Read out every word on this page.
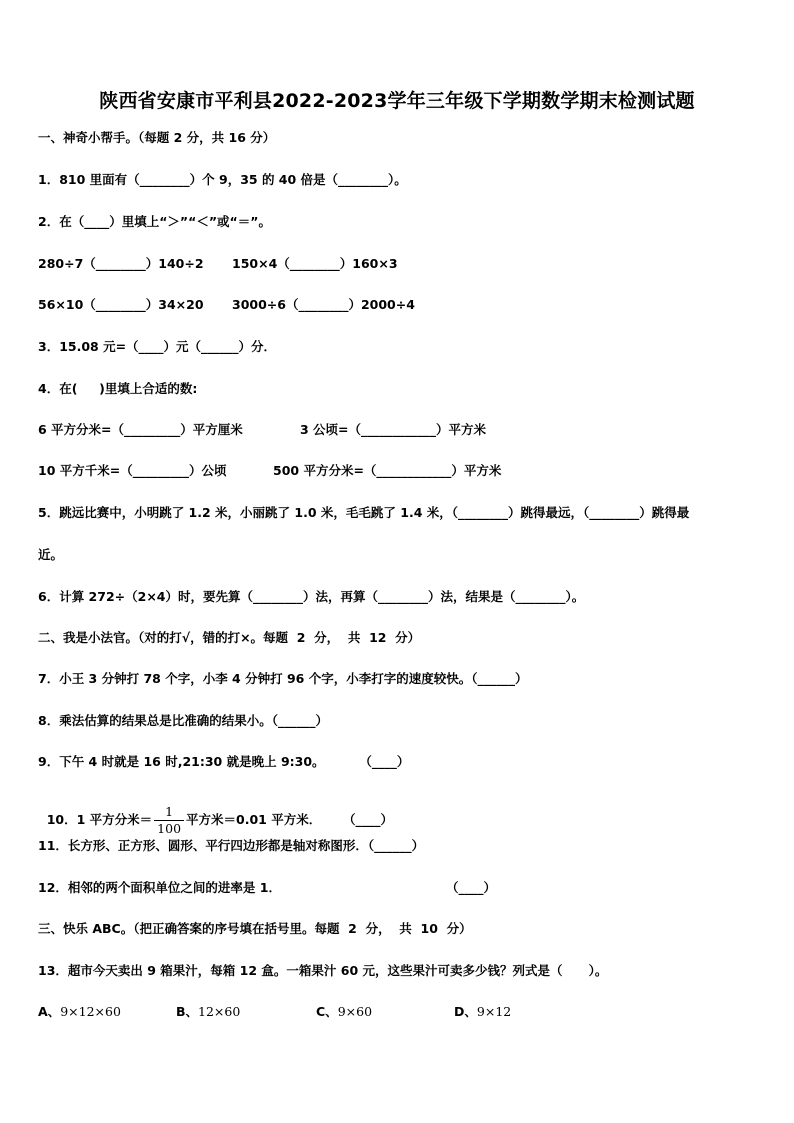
陕西省安康市平利县2022-2023学年三年级下学期数学期末检测试题
一、神奇小帮手。（每题 2 分，共 16 分）
1．810 里面有（________）个 9，35 的 40 倍是（________）。
2．在（____）里填上“＞”“＜”或“＝”。
280÷7（________）140÷2 150×4（________）160×3
56×10（________）34×20 3000÷6（________）2000÷4
3．15.08 元=（____）元（______）分．
4．在(     )里填上合适的数:
6 平方分米=（_________）平方厘米	3 公顷=（____________）平方米
10 平方千米=（_________）公顷	500 平方分米=（____________）平方米
5．跳远比赛中，小明跳了 1.2 米，小丽跳了 1.0 米，毛毛跳了 1.4 米，（________）跳得最远，（________）跳得最
近。
6．计算 272÷（2×4）时，要先算（________）法，再算（________）法，结果是（________）。
二、我是小法官。（对的打√，错的打×。每题  2  分，  共  12  分）
7．小王 3 分钟打 78 个字，小李 4 分钟打 96 个字，小李打字的速度较快。（______）
8．乘法估算的结果总是比准确的结果小。（______）
9．下午 4 时就是 16 时,21:30 就是晚上 9:30。        （____）

10．1 平方分米＝ $\frac{1}{100}$ 平方米＝0.01 平方米．     （____）

11．长方形、正方形、圆形、平行四边形都是轴对称图形．（______）
12．相邻的两个面积单位之间的进率是 1．	（____）
三、快乐 ABC。（把正确答案的序号填在括号里。每题  2  分，  共  10  分）
13．超市今天卖出 9 箱果汁，每箱 12 盒。一箱果汁 60 元，这些果汁可卖多少钱？列式是（      ）。
A、9×12×60	B、12×60	C、9×60	D、9×12
